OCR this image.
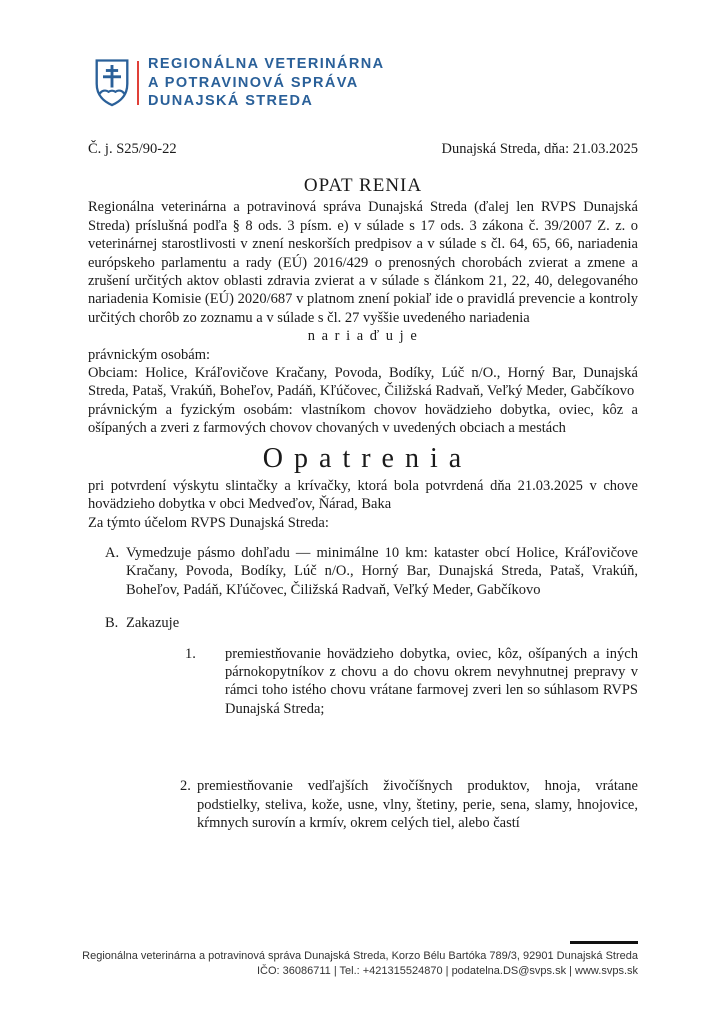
REGIONÁLNA VETERINÁRNA
A POTRAVINOVÁ SPRÁVA
DUNAJSKÁ STREDA
Č. j. S25/90-22	Dunajská Streda, dňa: 21.03.2025
OPAT RENIA

Regionálna veterinárna a potravinová správa Dunajská Streda (ďalej len RVPS Dunajská Streda) príslušná podľa § 8 ods. 3 písm. e) v súlade s 17 ods. 3 zákona č. 39/2007 Z. z. o veterinárnej starostlivosti v znení neskorších predpisov a v súlade s čl. 64, 65, 66, nariadenia európskeho parlamentu a rady (EÚ) 2016/429 o prenosných chorobách zvierat a zmene a zrušení určitých aktov oblasti zdravia zvierat a v súlade s článkom 21, 22, 40, delegovaného nariadenia Komisie (EÚ) 2020/687 v platnom znení pokiaľ ide o pravidlá prevencie a kontroly určitých chorôb zo zoznamu a v súlade s čl. 27 vyššie uvedeného nariadenia

n a r i a ď u j e

právnickým osobám:

Obciam: Holice, Kráľovičove Kračany, Povoda, Bodíky, Lúč n/O., Horný Bar, Dunajská Streda, Pataš, Vrakúň, Boheľov, Padáň, Kľúčovec, Čiližská Radvaň, Veľký Meder, Gabčíkovo

právnickým a fyzickým osobám: vlastníkom chovov hovädzieho dobytka, oviec, kôz a ošípaných a zveri z farmových chovov chovaných v uvedených obciach a mestách

O p a t r e n i a

pri potvrdení výskytu slintačky a krívačky, ktorá bola potvrdená dňa 21.03.2025 v chove hovädzieho dobytka v obci Medveďov, Ňárad, Baka

Za týmto účelom RVPS Dunajská Streda:

A. Vymedzuje pásmo dohľadu — minimálne 10 km: kataster obcí Holice, Kráľovičove Kračany, Povoda, Bodíky, Lúč n/O., Horný Bar, Dunajská Streda, Pataš, Vrakúň, Boheľov, Padáň, Kľúčovec, Čiližská Radvaň, Veľký Meder, Gabčíkovo

B. Zakazuje

1.	premiestňovanie hovädzieho dobytka, oviec, kôz, ošípaných a iných párnokopytníkov z chovu a do chovu okrem nevyhnutnej prepravy v rámci toho istého chovu vrátane farmovej zveri len so súhlasom RVPS Dunajská Streda;

2. premiestňovanie vedľajších živočíšnych produktov, hnoja, vrátane podstielky, steliva, kože, usne, vlny, štetiny, perie, sena, slamy, hnojovice, kŕmnych surovín a krmív, okrem celých tiel, alebo častí

Regionálna veterinárna a potravinová správa Dunajská Streda, Korzo Bélu Bartóka 789/3, 92901 Dunajská Streda
IČO: 36086711 | Tel.: +421315524870 | podatelna.DS@svps.sk | www.svps.sk
